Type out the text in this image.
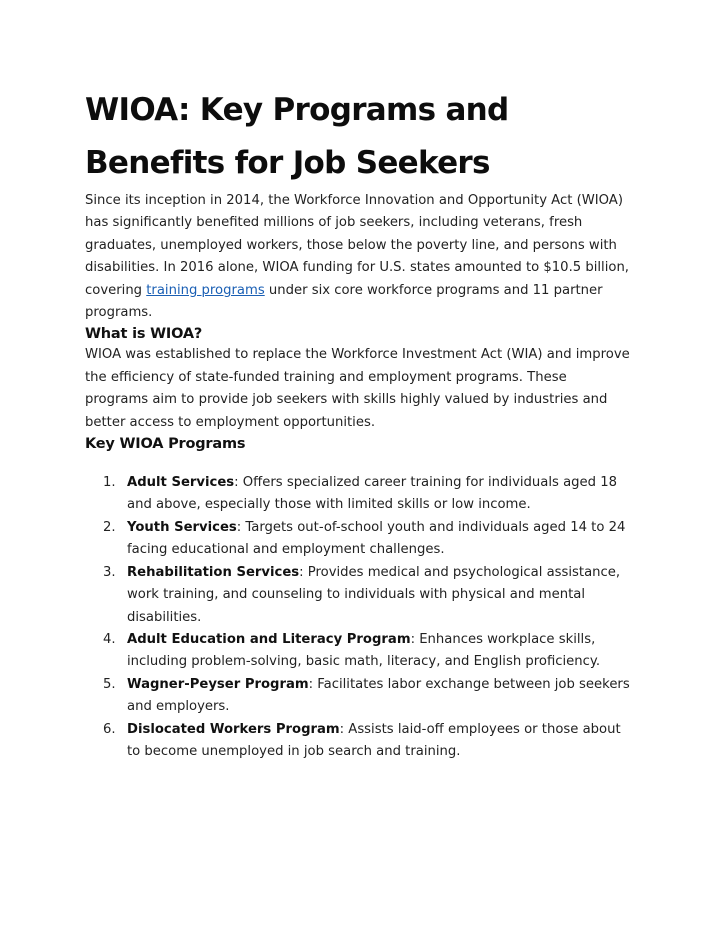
WIOA: Key Programs and Benefits for Job Seekers

Since its inception in 2014, the Workforce Innovation and Opportunity Act (WIOA) has significantly benefited millions of job seekers, including veterans, fresh graduates, unemployed workers, those below the poverty line, and persons with disabilities. In 2016 alone, WIOA funding for U.S. states amounted to $10.5 billion, covering training programs under six core workforce programs and 11 partner programs.

What is WIOA?

WIOA was established to replace the Workforce Investment Act (WIA) and improve the efficiency of state-funded training and employment programs. These programs aim to provide job seekers with skills highly valued by industries and better access to employment opportunities.

Key WIOA Programs
1. Adult Services: Offers specialized career training for individuals aged 18 and above, especially those with limited skills or low income.
2. Youth Services: Targets out-of-school youth and individuals aged 14 to 24 facing educational and employment challenges.
3. Rehabilitation Services: Provides medical and psychological assistance, work training, and counseling to individuals with physical and mental disabilities.
4. Adult Education and Literacy Program: Enhances workplace skills, including problem-solving, basic math, literacy, and English proficiency.
5. Wagner-Peyser Program: Facilitates labor exchange between job seekers and employers.
6. Dislocated Workers Program: Assists laid-off employees or those about to become unemployed in job search and training.
